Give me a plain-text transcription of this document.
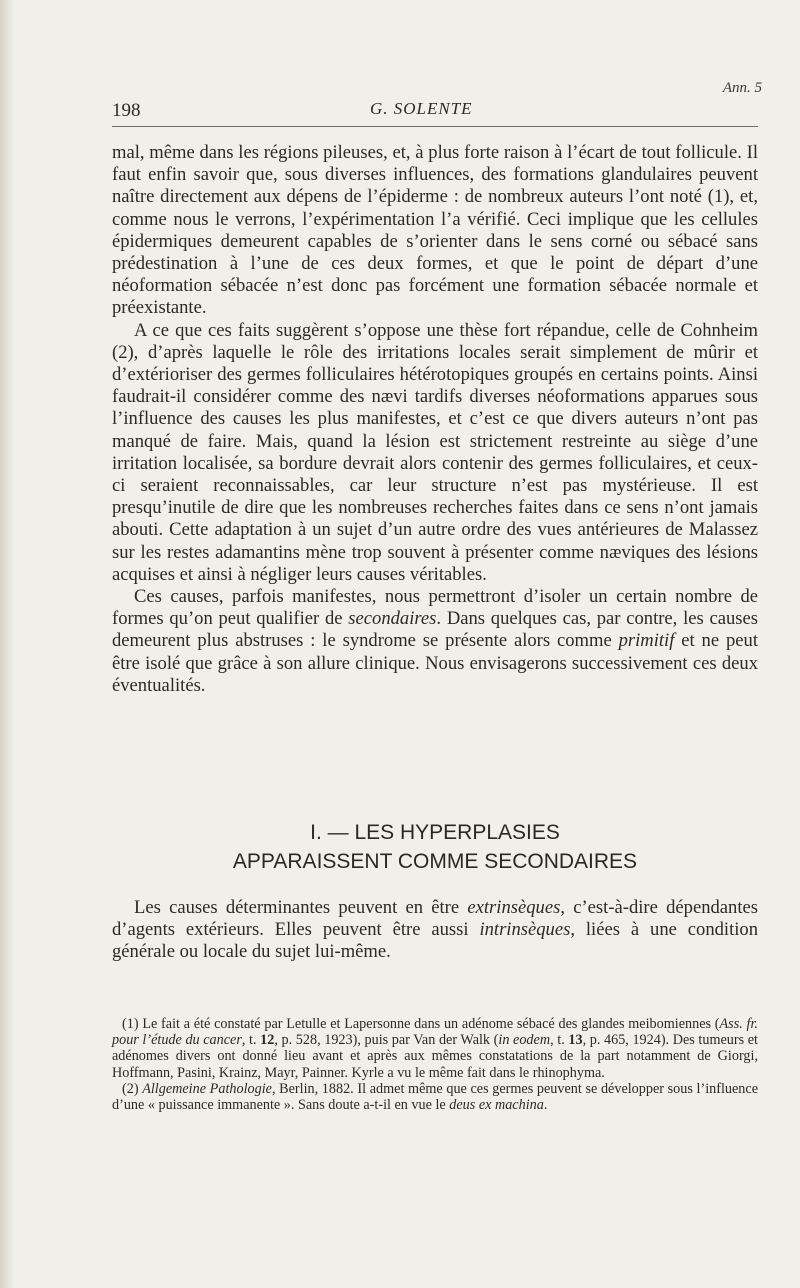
Ann. 5
198	G. SOLENTE

mal, même dans les régions pileuses, et, à plus forte raison à l’écart de tout follicule. Il faut enfin savoir que, sous diverses influences, des formations glandulaires peuvent naître directement aux dépens de l’épiderme : de nombreux auteurs l’ont noté (1), et, comme nous le verrons, l’expérimentation l’a vérifié. Ceci implique que les cellules épidermiques demeurent capables de s’orienter dans le sens corné ou sébacé sans prédestination à l’une de ces deux formes, et que le point de départ d’une néoformation sébacée n’est donc pas forcément une formation sébacée normale et préexistante.

A ce que ces faits suggèrent s’oppose une thèse fort répandue, celle de Cohnheim (2), d’après laquelle le rôle des irritations locales serait simplement de mûrir et d’extérioriser des germes folliculaires hétérotopiques groupés en certains points. Ainsi faudrait-il considérer comme des nævi tardifs diverses néoformations apparues sous l’influence des causes les plus manifestes, et c’est ce que divers auteurs n’ont pas manqué de faire. Mais, quand la lésion est strictement restreinte au siège d’une irritation localisée, sa bordure devrait alors contenir des germes folliculaires, et ceux-ci seraient reconnaissables, car leur structure n’est pas mystérieuse. Il est presqu’inutile de dire que les nombreuses recherches faites dans ce sens n’ont jamais abouti. Cette adaptation à un sujet d’un autre ordre des vues antérieures de Malassez sur les restes adamantins mène trop souvent à présenter comme næviques des lésions acquises et ainsi à négliger leurs causes véritables.

Ces causes, parfois manifestes, nous permettront d’isoler un certain nombre de formes qu’on peut qualifier de secondaires. Dans quelques cas, par contre, les causes demeurent plus abstruses : le syndrome se présente alors comme primitif et ne peut être isolé que grâce à son allure clinique. Nous envisagerons successivement ces deux éventualités.

I. — LES HYPERPLASIES
APPARAISSENT COMME SECONDAIRES

Les causes déterminantes peuvent en être extrinsèques, c’est-à-dire dépendantes d’agents extérieurs. Elles peuvent être aussi intrinsèques, liées à une condition générale ou locale du sujet lui-même.

(1) Le fait a été constaté par Letulle et Lapersonne dans un adénome sébacé des glandes meibomiennes (Ass. fr. pour l’étude du cancer, t. 12, p. 528, 1923), puis par Van der Walk (in eodem, t. 13, p. 465, 1924). Des tumeurs et adénomes divers ont donné lieu avant et après aux mêmes constatations de la part notamment de Giorgi, Hoffmann, Pasini, Krainz, Mayr, Painner. Kyrle a vu le même fait dans le rhinophyma.

(2) Allgemeine Pathologie, Berlin, 1882. Il admet même que ces germes peuvent se développer sous l’influence d’une « puissance immanente ». Sans doute a-t-il en vue le deus ex machina.
